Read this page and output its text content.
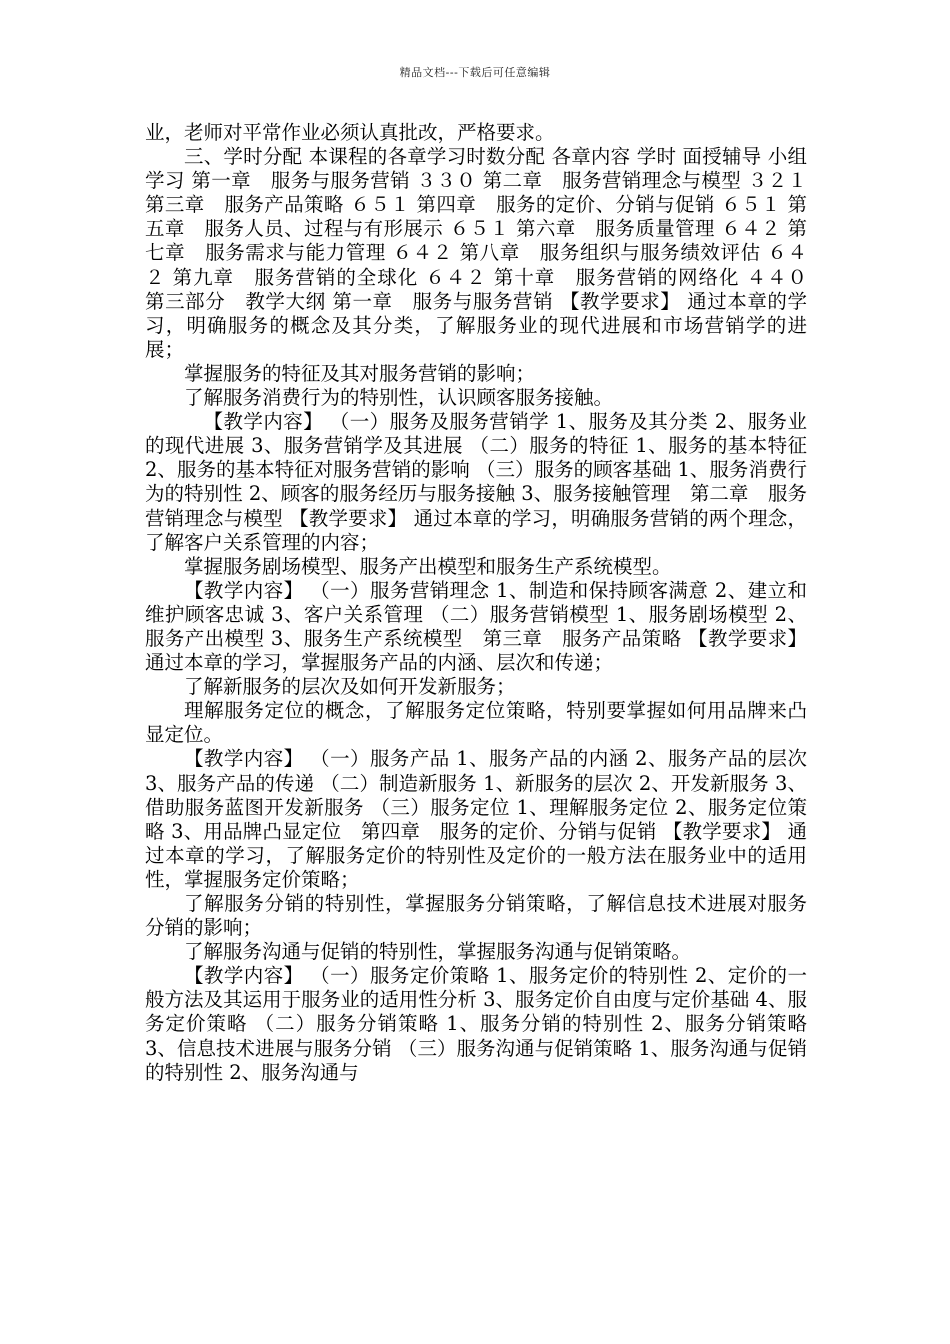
精品文档---下载后可任意编辑

业，老师对平常作业必须认真批改，严格要求。

三、学时分配 本课程的各章学习时数分配 各章内容 学时 面授辅导 小组学习 第一章　服务与服务营销 ３３０ 第二章　服务营销理念与模型 ３２１ 第三章　服务产品策略 ６５１ 第四章　服务的定价、分销与促销 ６５１ 第五章　服务人员、过程与有形展示 ６５１ 第六章　服务质量管理 ６４２ 第七章　服务需求与能力管理 ６４２ 第八章　服务组织与服务绩效评估 ６４２ 第九章　服务营销的全球化 ６４２ 第十章　服务营销的网络化 ４４０　第三部分　教学大纲 第一章　服务与服务营销 【教学要求】 通过本章的学习，明确服务的概念及其分类，了解服务业的现代进展和市场营销学的进展；

掌握服务的特征及其对服务营销的影响；

了解服务消费行为的特别性，认识顾客服务接触。

【教学内容】 （一）服务及服务营销学 1、服务及其分类 2、服务业的现代进展 3、服务营销学及其进展 （二）服务的特征 1、服务的基本特征 2、服务的基本特征对服务营销的影响 （三）服务的顾客基础 1、服务消费行为的特别性 2、顾客的服务经历与服务接触 3、服务接触管理　第二章　服务营销理念与模型 【教学要求】 通过本章的学习，明确服务营销的两个理念，了解客户关系管理的内容；

掌握服务剧场模型、服务产出模型和服务生产系统模型。

【教学内容】 （一）服务营销理念 1、制造和保持顾客满意 2、建立和维护顾客忠诚 3、客户关系管理 （二）服务营销模型 1、服务剧场模型 2、服务产出模型 3、服务生产系统模型　第三章　服务产品策略 【教学要求】 通过本章的学习，掌握服务产品的内涵、层次和传递；

了解新服务的层次及如何开发新服务；

理解服务定位的概念，了解服务定位策略，特别要掌握如何用品牌来凸显定位。

【教学内容】 （一）服务产品 1、服务产品的内涵 2、服务产品的层次 3、服务产品的传递 （二）制造新服务 1、新服务的层次 2、开发新服务 3、借助服务蓝图开发新服务 （三）服务定位 1、理解服务定位 2、服务定位策略 3、用品牌凸显定位　第四章　服务的定价、分销与促销 【教学要求】 通过本章的学习，了解服务定价的特别性及定价的一般方法在服务业中的适用性，掌握服务定价策略；

了解服务分销的特别性，掌握服务分销策略，了解信息技术进展对服务分销的影响；

了解服务沟通与促销的特别性，掌握服务沟通与促销策略。

【教学内容】 （一）服务定价策略 1、服务定价的特别性 2、定价的一般方法及其运用于服务业的适用性分析 3、服务定价自由度与定价基础 4、服务定价策略 （二）服务分销策略 1、服务分销的特别性 2、服务分销策略 3、信息技术进展与服务分销 （三）服务沟通与促销策略 1、服务沟通与促销的特别性 2、服务沟通与
